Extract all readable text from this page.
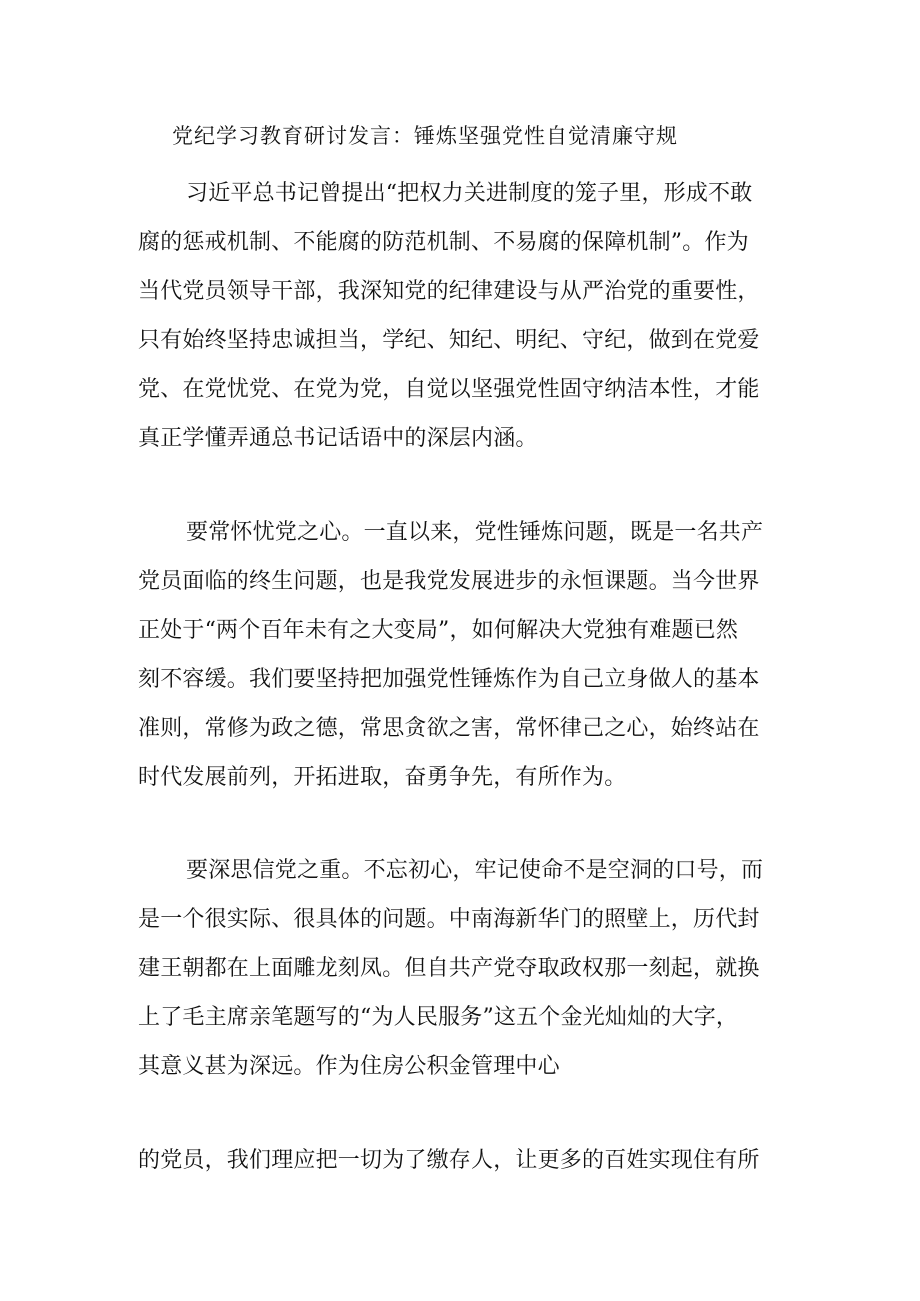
党纪学习教育研讨发言：锤炼坚强党性自觉清廉守规
习近平总书记曾提出“把权力关进制度的笼子里，形成不敢
腐的惩戒机制、不能腐的防范机制、不易腐的保障机制”。作为
当代党员领导干部，我深知党的纪律建设与从严治党的重要性，
只有始终坚持忠诚担当，学纪、知纪、明纪、守纪，做到在党爱
党、在党忧党、在党为党，自觉以坚强党性固守纳洁本性，才能
真正学懂弄通总书记话语中的深层内涵。
要常怀忧党之心。一直以来，党性锤炼问题，既是一名共产
党员面临的终生问题，也是我党发展进步的永恒课题。当今世界
正处于“两个百年未有之大变局”，如何解决大党独有难题已然
刻不容缓。我们要坚持把加强党性锤炼作为自己立身做人的基本
准则，常修为政之德，常思贪欲之害，常怀律己之心，始终站在
时代发展前列，开拓进取，奋勇争先，有所作为。
要深思信党之重。不忘初心，牢记使命不是空洞的口号，而
是一个很实际、很具体的问题。中南海新华门的照壁上，历代封
建王朝都在上面雕龙刻凤。但自共产党夺取政权那一刻起，就换
上了毛主席亲笔题写的“为人民服务”这五个金光灿灿的大字，
其意义甚为深远。作为住房公积金管理中心
的党员，我们理应把一切为了缴存人，让更多的百姓实现住有所
